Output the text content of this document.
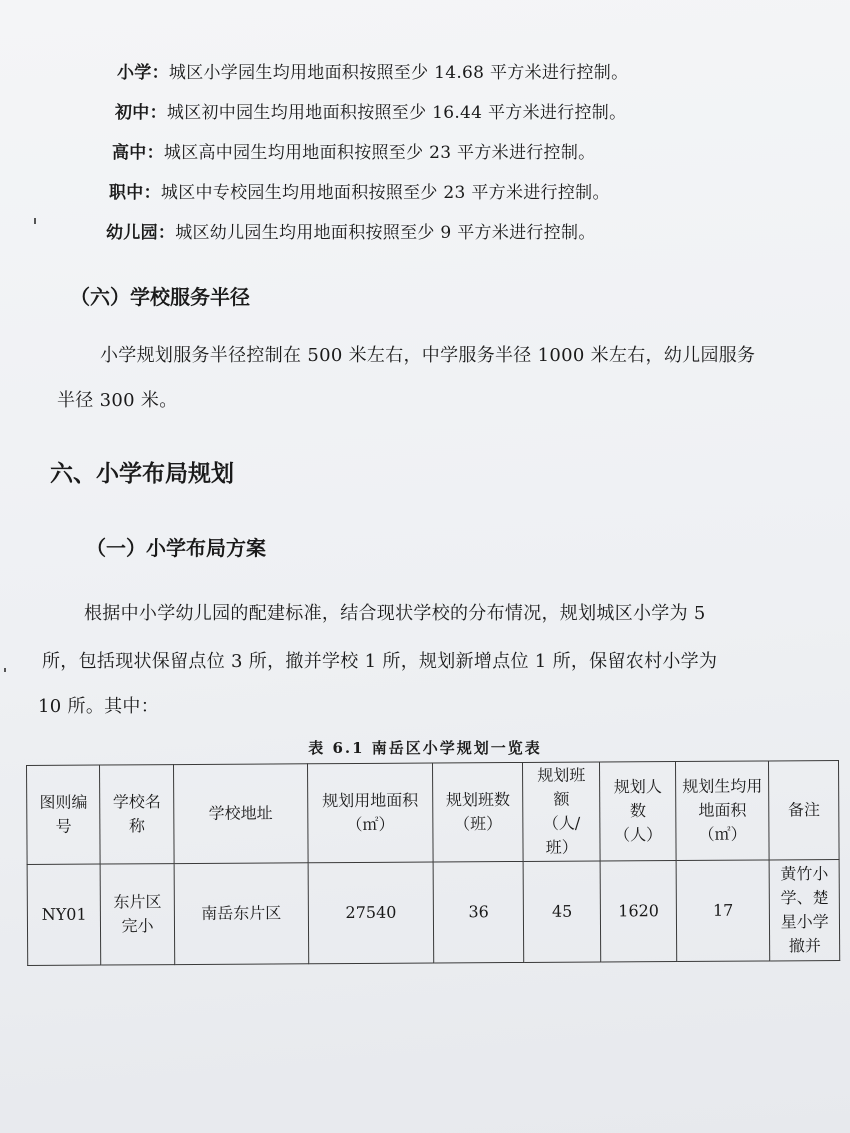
小学：城区小学园生均用地面积按照至少 14.68 平方米进行控制。
初中：城区初中园生均用地面积按照至少 16.44 平方米进行控制。
高中：城区高中园生均用地面积按照至少 23 平方米进行控制。
职中：城区中专校园生均用地面积按照至少 23 平方米进行控制。
幼儿园：城区幼儿园生均用地面积按照至少 9 平方米进行控制。
（六）学校服务半径
小学规划服务半径控制在 500 米左右，中学服务半径 1000 米左右，幼儿园服务
半径 300 米。
六、小学布局规划
（一）小学布局方案
根据中小学幼儿园的配建标准，结合现状学校的分布情况，规划城区小学为 5
所，包括现状保留点位 3 所，撤并学校 1 所，规划新增点位 1 所，保留农村小学为
10 所。其中：
表 6.1 南岳区小学规划一览表
图则编号	学校名称	学校地址	规划用地面积（㎡）	规划班数（班）	规划班额（人/班）	规划人数（人）	规划生均用地面积（㎡）	备注
NY01	东片区完小	南岳东片区	27540	36	45	1620	17	黄竹小学、楚星小学撤并
